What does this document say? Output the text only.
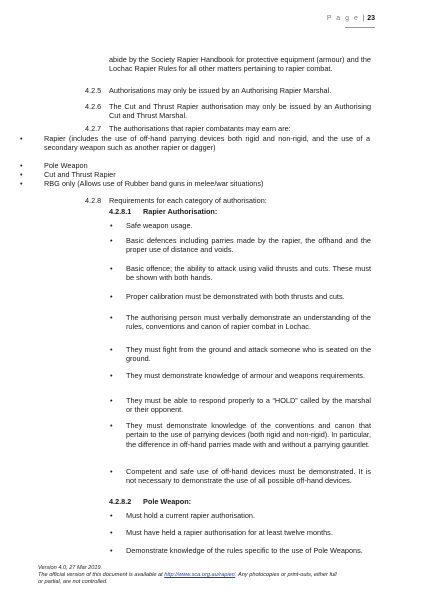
P a g e | 23
abide by the Society Rapier Handbook for protective equipment (armour) and the Lochac Rapier Rules for all other matters pertaining to rapier combat.
4.2.5	Authorisations may only be issued by an Authorising Rapier Marshal.
4.2.6	The Cut and Thrust Rapier authorisation may only be issued by an Authorising Cut and Thrust Marshal.
4.2.7	The authorisations that rapier combatants may earn are:
•	Rapier (includes the use of off-hand parrying devices both rigid and non-rigid, and the use of a secondary weapon such as another rapier or dagger)
•	Pole Weapon
•	Cut and Thrust Rapier
•	RBG only (Allows use of Rubber band guns in melee/war situations)
4.2.8	Requirements for each category of authorisation:
4.2.8.1 Rapier Authorisation:
• Safe weapon usage.
• Basic defences including parries made by the rapier, the offhand and the proper use of distance and voids.
• Basic offence; the ability to attack using valid thrusts and cuts. These must be shown with both hands.
• Proper calibration must be demonstrated with both thrusts and cuts.
• The authorising person must verbally demonstrate an understanding of the rules, conventions and canon of rapier combat in Lochac.
• They must fight from the ground and attack someone who is seated on the ground.
• They must demonstrate knowledge of armour and weapons requirements.
• They must be able to respond properly to a “HOLD” called by the marshal or their opponent.
• They must demonstrate knowledge of the conventions and canon that pertain to the use of parrying devices (both rigid and non-rigid). In particular, the difference in off-hand parries made with and without a parrying gauntlet.
• Competent and safe use of off-hand devices must be demonstrated. It is not necessary to demonstrate the use of all possible off-hand devices.
4.2.8.2 Pole Weapon:
• Must hold a current rapier authorisation.
• Must have held a rapier authorisation for at least twelve months.
• Demonstrate knowledge of the rules specific to the use of Pole Weapons.
Version 4.0, 27 Mar 2019.
The official version of this document is available at http://www.sca.org.au/rapier/. Any photocopies or print-outs, either full or partial, are not controlled.
